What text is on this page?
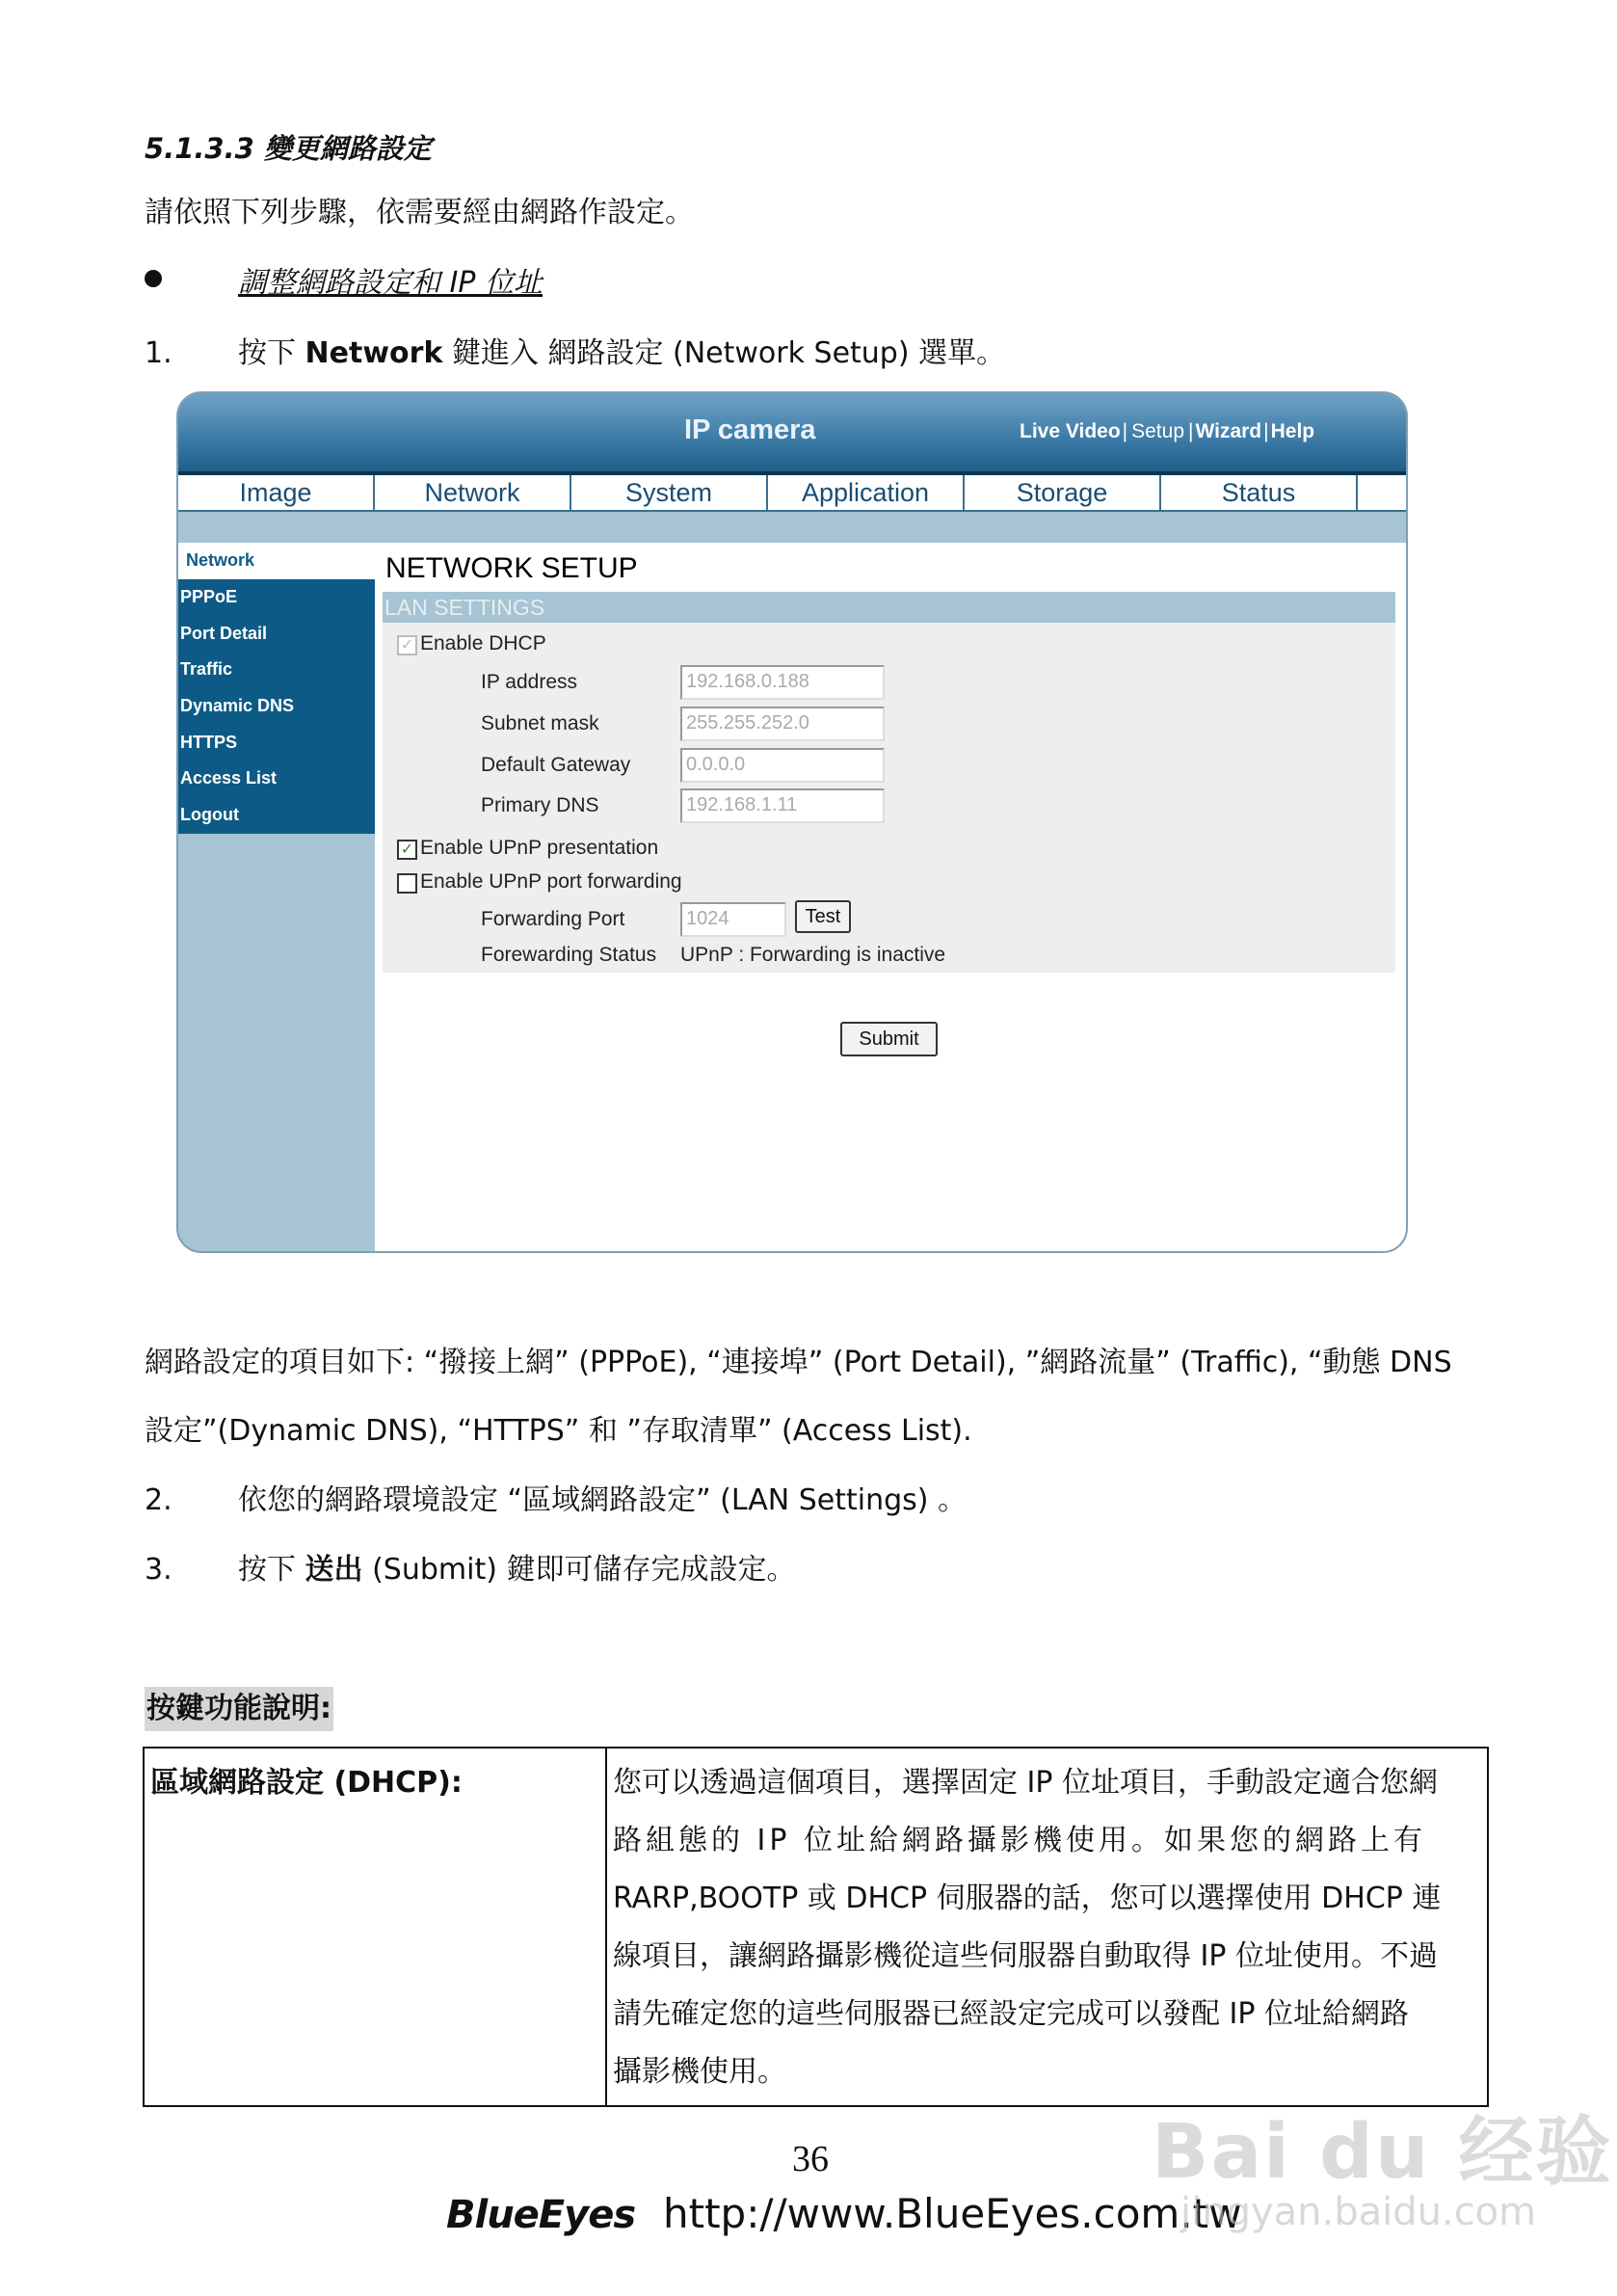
5.1.3.3 變更網路設定
請依照下列步驟，依需要經由網路作設定。
調整網路設定和 IP 位址
1. 按下 Network 鍵進入 網路設定 (Network Setup) 選單。
IP camera	Live Video| Setup |Wizard|Help
Image	Network	System	Application	Storage	Status
Network
PPPoE
Port Detail
Traffic
Dynamic DNS
HTTPS
Access List
Logout
NETWORK SETUP
LAN SETTINGS
✓ Enable DHCP
IP address	192.168.0.188
Subnet mask	255.255.252.0
Default Gateway	0.0.0.0
Primary DNS	192.168.1.11
✓ Enable UPnP presentation
Enable UPnP port forwarding
Forwarding Port	1024	Test
Forewarding Status UPnP : Forwarding is inactive
Submit
網路設定的項目如下: “撥接上網” (PPPoE), “連接埠” (Port Detail), ”網路流量” (Traffic), “動態 DNS
設定”(Dynamic DNS), “HTTPS” 和 ”存取清單” (Access List).
2. 依您的網路環境設定 “區域網路設定” (LAN Settings) 。
3. 按下 送出 (Submit) 鍵即可儲存完成設定。
按鍵功能說明:
區域網路設定 (DHCP):	您可以透過這個項目，選擇固定 IP 位址項目，手動設定適合您網
路組態的 IP 位址給網路攝影機使用。如果您的網路上有
RARP,BOOTP 或 DHCP 伺服器的話，您可以選擇使用 DHCP 連
線項目，讓網路攝影機從這些伺服器自動取得 IP 位址使用。不過
請先確定您的這些伺服器已經設定完成可以發配 IP 位址給網路
攝影機使用。
36
BlueEyes http://www.BlueEyes.com.tw
Bai du 经验
jingyan.baidu.com
